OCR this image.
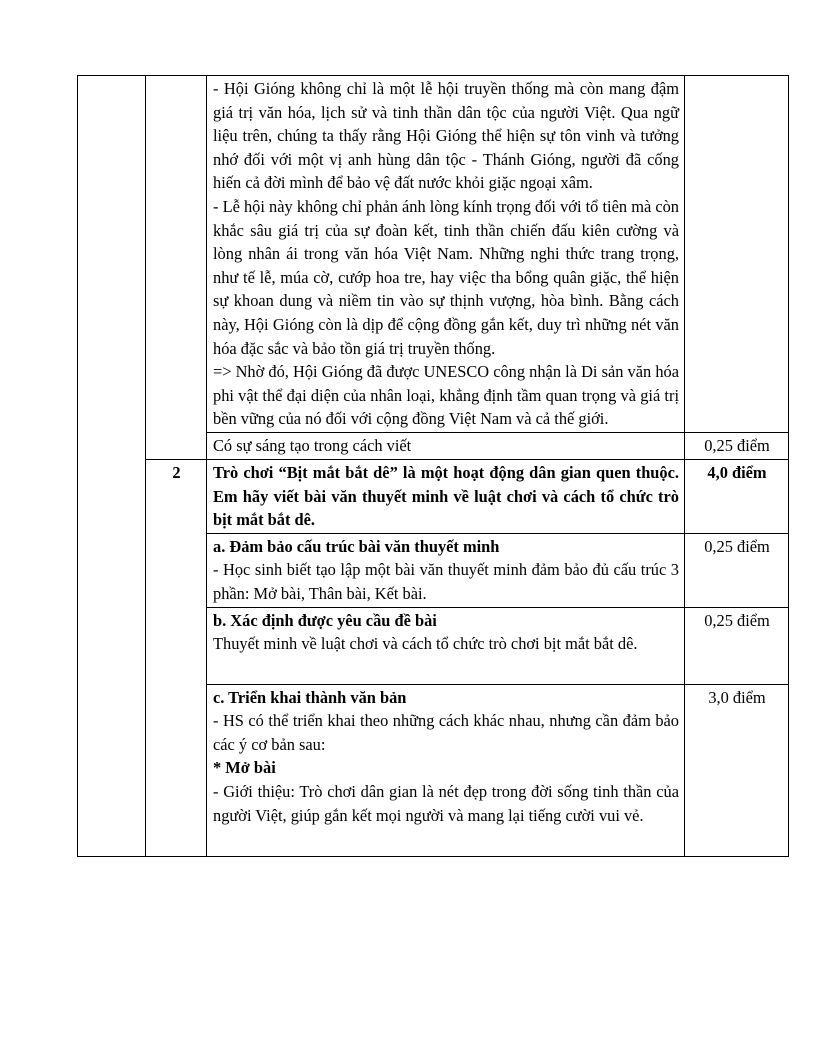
		- Hội Gióng không chỉ là một lễ hội truyền thống mà còn mang đậm giá trị văn hóa, lịch sử và tinh thần dân tộc của người Việt. Qua ngữ liệu trên, chúng ta thấy rằng Hội Gióng thể hiện sự tôn vinh và tưởng nhớ đối với một vị anh hùng dân tộc - Thánh Gióng, người đã cống hiến cả đời mình để bảo vệ đất nước khỏi giặc ngoại xâm.

- Lễ hội này không chỉ phản ánh lòng kính trọng đối với tổ tiên mà còn khắc sâu giá trị của sự đoàn kết, tinh thần chiến đấu kiên cường và lòng nhân ái trong văn hóa Việt Nam. Những nghi thức trang trọng, như tế lễ, múa cờ, cướp hoa tre, hay việc tha bổng quân giặc, thể hiện sự khoan dung và niềm tin vào sự thịnh vượng, hòa bình. Bằng cách này, Hội Gióng còn là dịp để cộng đồng gắn kết, duy trì những nét văn hóa đặc sắc và bảo tồn giá trị truyền thống.

=> Nhờ đó, Hội Gióng đã được UNESCO công nhận là Di sản văn hóa phi vật thể đại diện của nhân loại, khẳng định tầm quan trọng và giá trị bền vững của nó đối với cộng đồng Việt Nam và cả thế giới.	

		Có sự sáng tạo trong cách viết	0,25 điểm
	2	Trò chơi “Bịt mắt bắt dê” là một hoạt động dân gian quen thuộc. Em hãy viết bài văn thuyết minh về luật chơi và cách tổ chức trò bịt mắt bắt dê.	4,0 điểm

		a. Đảm bảo cấu trúc bài văn thuyết minh
- Học sinh biết tạo lập một bài văn thuyết minh đảm bảo đủ cấu trúc 3 phần: Mở bài, Thân bài, Kết bài.	0,25 điểm

		b. Xác định được yêu cầu đề bài
Thuyết minh về luật chơi và cách tổ chức trò chơi bịt mắt bắt dê.	0,25 điểm

		c. Triển khai thành văn bản
- HS có thể triển khai theo những cách khác nhau, nhưng cần đảm bảo các ý cơ bản sau:
* Mở bài
- Giới thiệu: Trò chơi dân gian là nét đẹp trong đời sống tinh thần của người Việt, giúp gắn kết mọi người và mang lại tiếng cười vui vẻ.	3,0 điểm
